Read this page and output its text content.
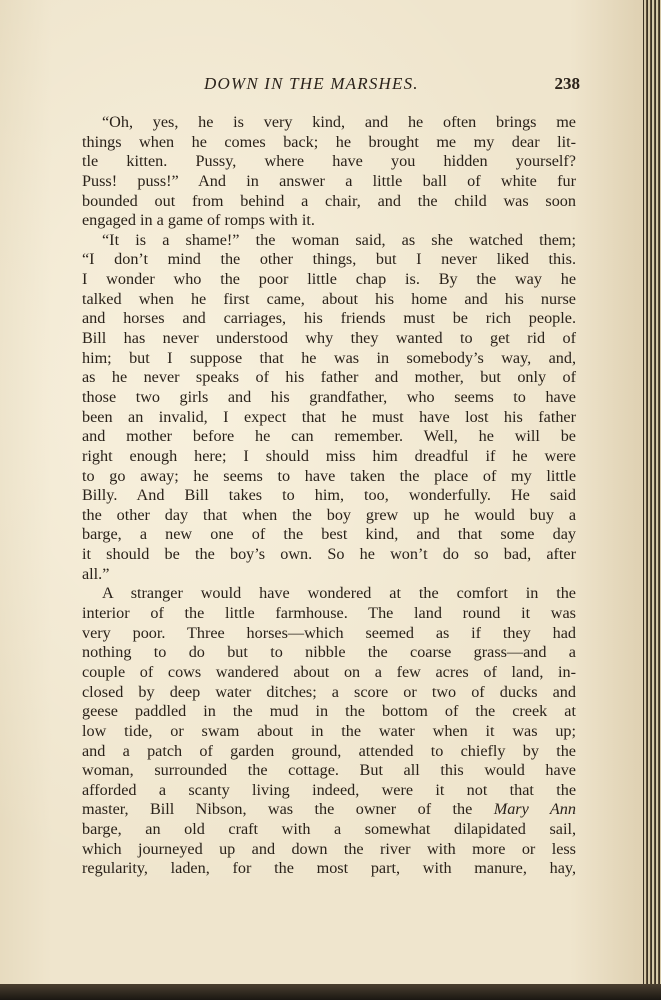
DOWN IN THE MARSHES.	238
“Oh, yes, he is very kind, and he often brings me
things when he comes back; he brought me my dear lit-
tle kitten. Pussy, where have you hidden yourself?
Puss! puss!” And in answer a little ball of white fur
bounded out from behind a chair, and the child was soon
engaged in a game of romps with it.
“It is a shame!” the woman said, as she watched them;
“I don’t mind the other things, but I never liked this.
I wonder who the poor little chap is. By the way he
talked when he first came, about his home and his nurse
and horses and carriages, his friends must be rich people.
Bill has never understood why they wanted to get rid of
him; but I suppose that he was in somebody’s way, and,
as he never speaks of his father and mother, but only of
those two girls and his grandfather, who seems to have
been an invalid, I expect that he must have lost his father
and mother before he can remember. Well, he will be
right enough here; I should miss him dreadful if he were
to go away; he seems to have taken the place of my little
Billy. And Bill takes to him, too, wonderfully. He said
the other day that when the boy grew up he would buy a
barge, a new one of the best kind, and that some day
it should be the boy’s own. So he won’t do so bad, after
all.”
A stranger would have wondered at the comfort in the
interior of the little farmhouse. The land round it was
very poor. Three horses—which seemed as if they had
nothing to do but to nibble the coarse grass—and a
couple of cows wandered about on a few acres of land, in-
closed by deep water ditches; a score or two of ducks and
geese paddled in the mud in the bottom of the creek at
low tide, or swam about in the water when it was up;
and a patch of garden ground, attended to chiefly by the
woman, surrounded the cottage. But all this would have
afforded a scanty living indeed, were it not that the
master, Bill Nibson, was the owner of the Mary Ann
barge, an old craft with a somewhat dilapidated sail,
which journeyed up and down the river with more or less
regularity, laden, for the most part, with manure, hay,
